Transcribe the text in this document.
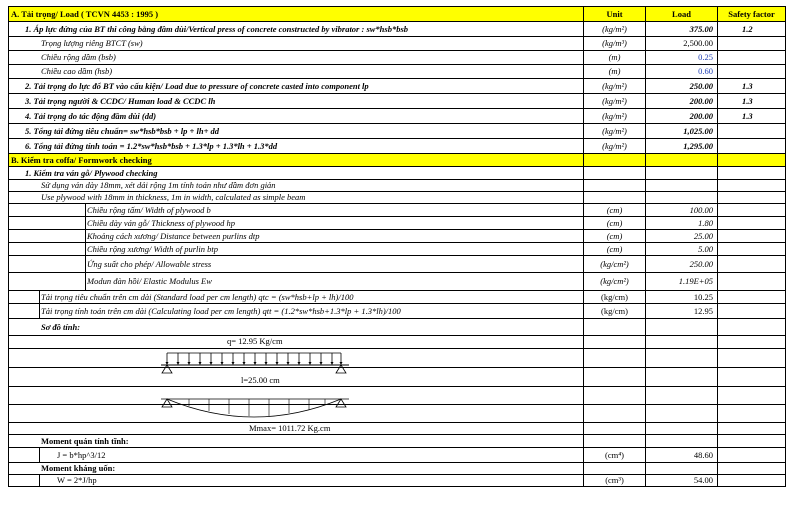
A. Tải trọng/ Load ( TCVN 4453 : 1995 )	Unit	Load	Safety factor
1. Áp lực đứng của BT thi công bằng đầm dùi/Vertical press of concrete constructed by vibrator : sw*hsb*bsb	(kg/m²)	375.00	1.2
Trọng lượng riêng BTCT (sw)	(kg/m³)	2,500.00
Chiều rộng dầm (bsb)	(m)	0.25
Chiều cao dầm (hsb)	(m)	0.60
2. Tải trọng do lực đổ BT vào cấu kiện/ Load due to pressure of concrete casted into component lp	(kg/m²)	250.00	1.3
3. Tải trọng người & CCDC/ Human load & CCDC lh	(kg/m²)	200.00	1.3
4. Tải trọng do tác động đầm dùi (dd)	(kg/m²)	200.00	1.3
5. Tổng tải đứng tiêu chuẩn= sw*hsb*bsb + lp + lh+ dd	(kg/m²)	1,025.00
6. Tổng tải đứng tính toán = 1.2*sw*hsb*bsb + 1.3*lp + 1.3*lh + 1.3*dd	(kg/m²)	1,295.00
B. Kiểm tra coffa/ Formwork checking
1. Kiểm tra ván gỗ/ Plywood checking
Sử dụng ván dày 18mm, xét dải rộng 1m tính toán như dầm đơn giản
Use plywood with 18mm in thickness, 1m in width, calculated as simple beam
Chiều rộng tấm/ Width of plywood b	(cm)	100.00
Chiều dày ván gỗ/ Thickness of plywood hp	(cm)	1.80
Khoảng cách xương/ Distance between purlins dtp	(cm)	25.00
Chiều rộng xương/ Width of purlin btp	(cm)	5.00
Ứng suất cho phép/ Allowable stress	(kg/cm²)	250.00
Modun đàn hồi/ Elastic Modulus Ew	(kg/cm²)	1.19E+05
Tải trọng tiêu chuẩn trên cm dài (Standard load per cm length) qtc = (sw*hsb+lp + lh)/100	(kg/cm)	10.25
Tải trọng tính toán trên cm dài (Calculating load per cm length) qtt = (1.2*sw*hsb+1.3*lp + 1.3*lh)/100	(kg/cm)	12.95
Sơ đồ tính:
q= 12.95 Kg/cm
l=25.00 cm
Mmax= 1011.72 Kg.cm
Moment quán tính tĩnh:
J = b*hp^3/12	(cm⁴)	48.60
Moment kháng uốn:
W = 2*J/hp	(cm³)	54.00
